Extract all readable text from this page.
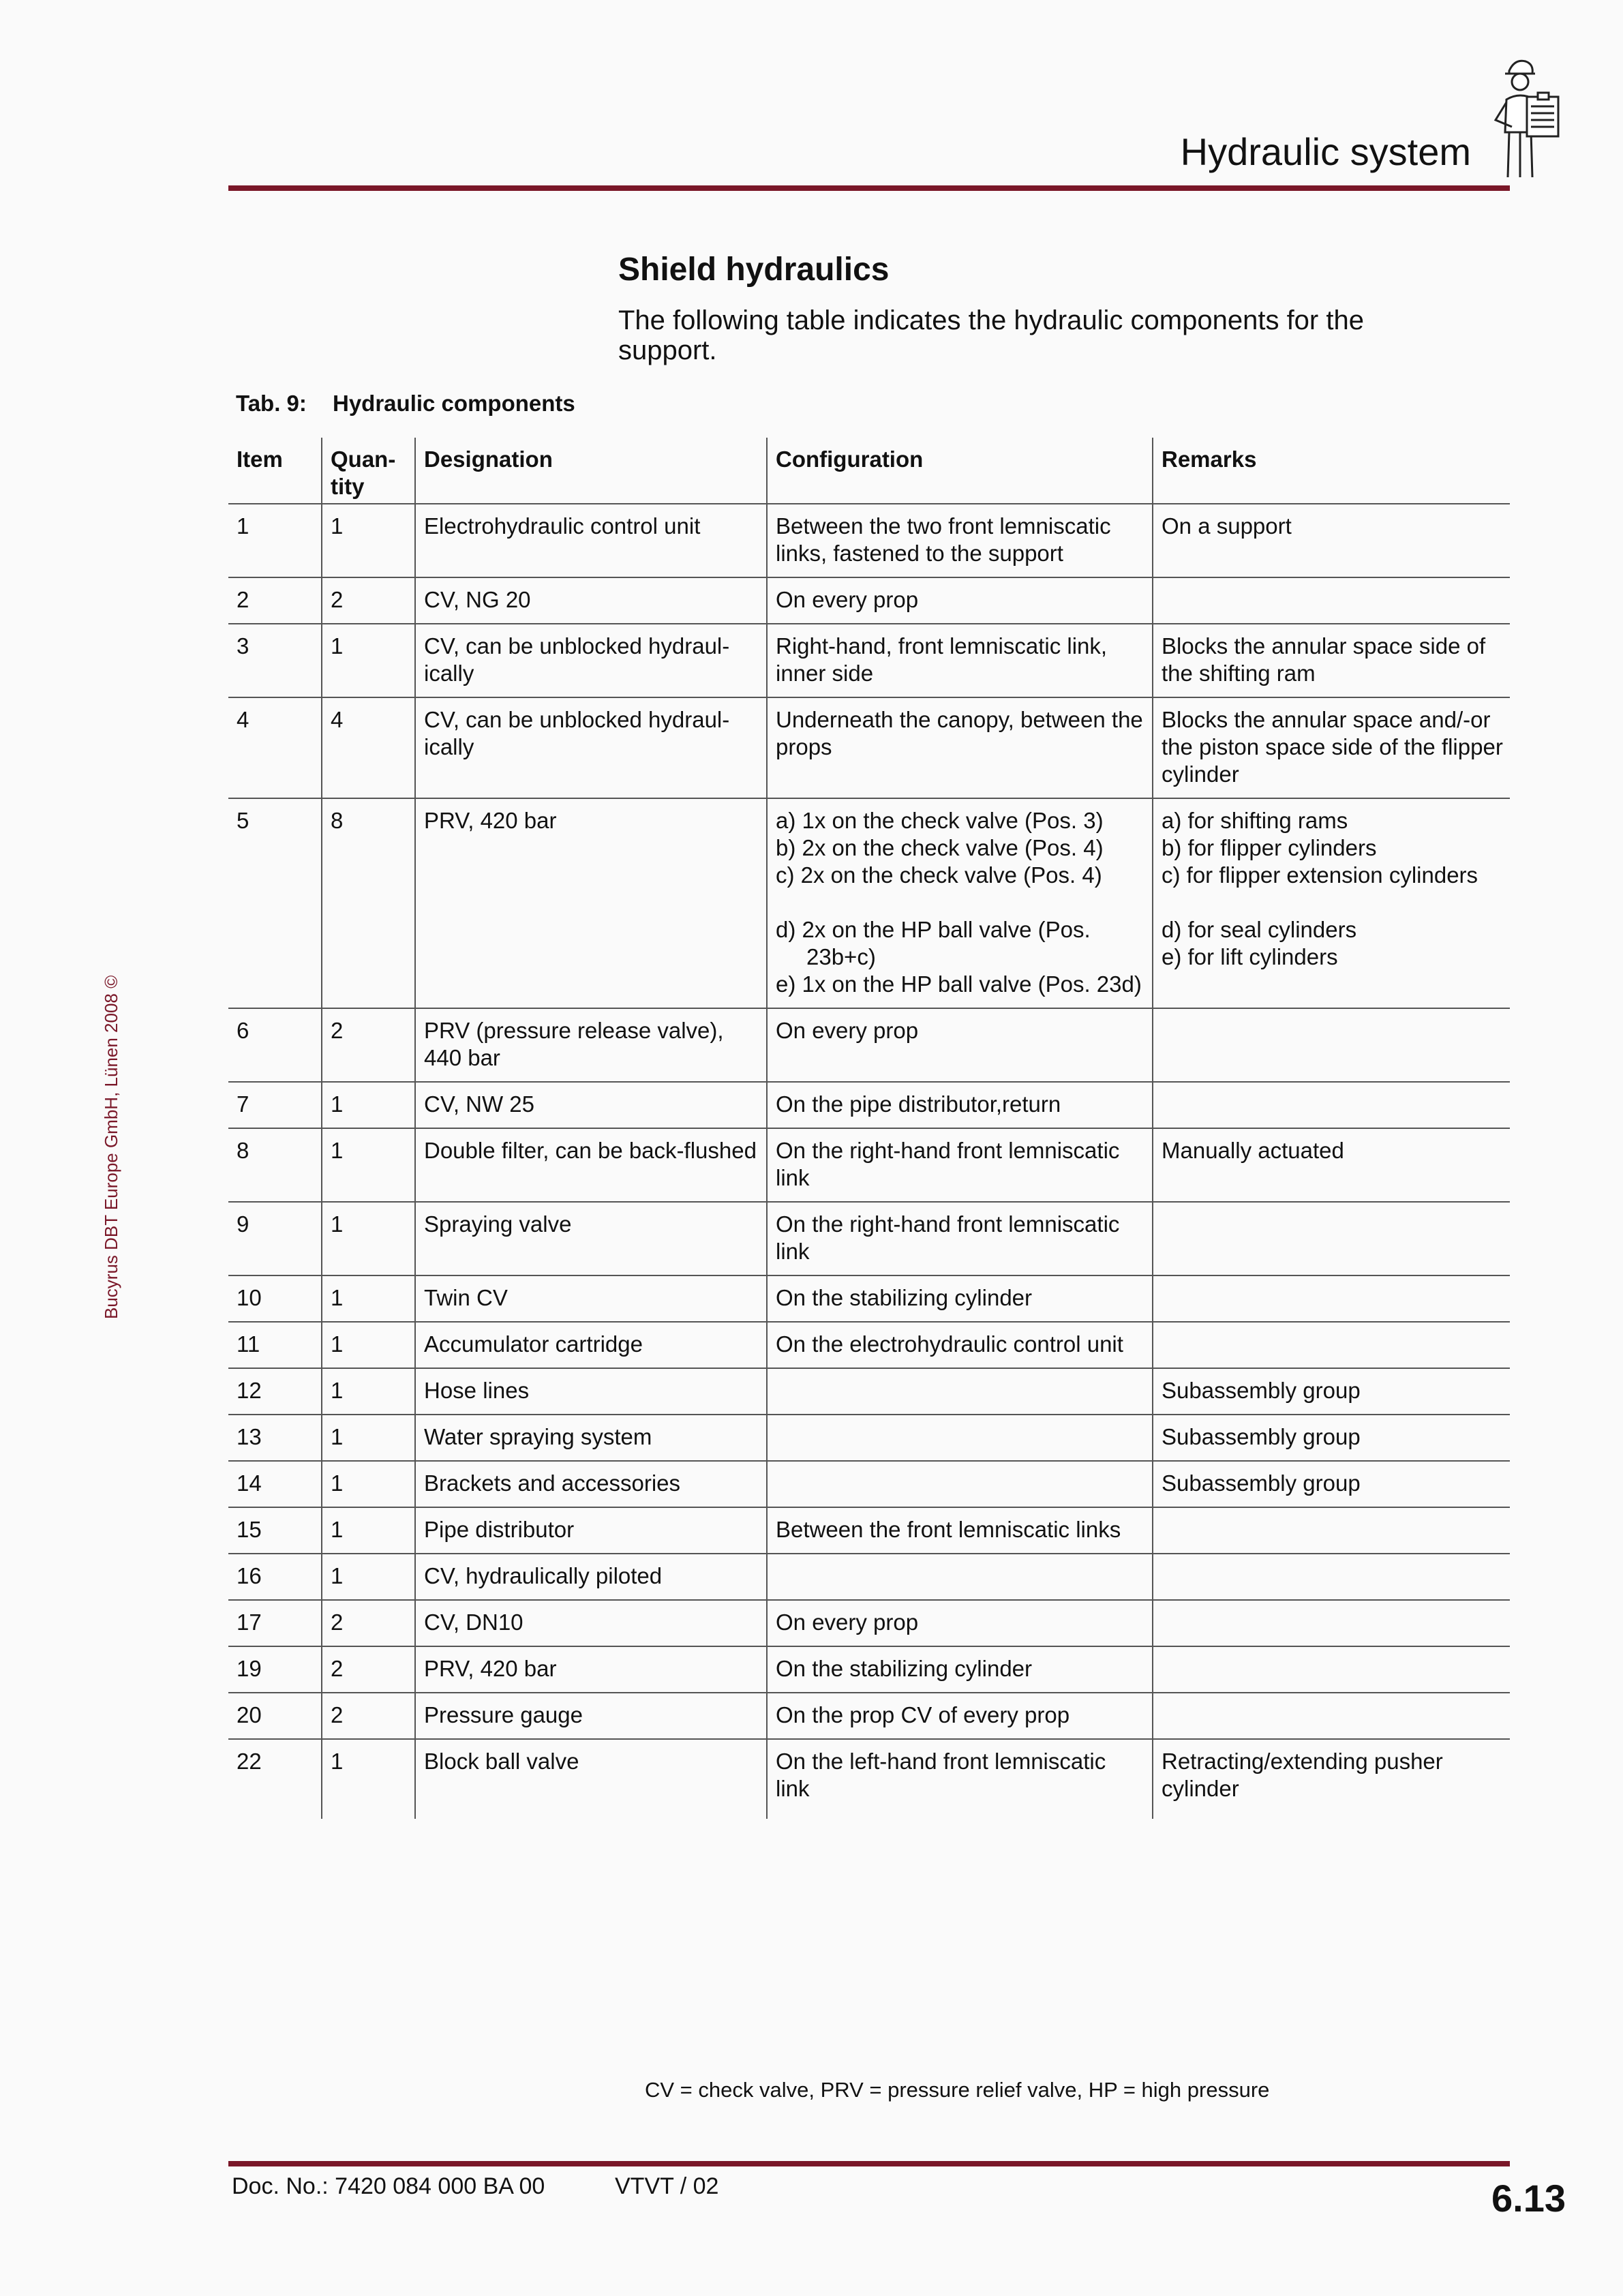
Hydraulic system
Bucyrus DBT Europe GmbH, Lünen 2008 ©
Shield hydraulics
The following table indicates the hydraulic components for the support.
Tab. 9: Hydraulic components
Item	Quan-tity	Designation	Configuration	Remarks
1	1	Electrohydraulic control unit	Between the two front lemniscatic links, fastened to the support	On a support
2	2	CV, NG 20	On every prop	
3	1	CV, can be unblocked hydraul-ically	Right-hand, front lemniscatic link, inner side	Blocks the annular space side of the shifting ram
4	4	CV, can be unblocked hydraul-ically	Underneath the canopy, between the props	Blocks the annular space and/-or the piston space side of the flipper cylinder
5	8	PRV, 420 bar	a) 1x on the check valve (Pos. 3)
b) 2x on the check valve (Pos. 4)
c) 2x on the check valve (Pos. 4)
d) 2x on the HP ball valve (Pos. 23b+c)
e) 1x on the HP ball valve (Pos. 23d)	a) for shifting rams
b) for flipper cylinders
c) for flipper extension cylinders
d) for seal cylinders
e) for lift cylinders

6	2	PRV (pressure release valve), 440 bar	On every prop	
7	1	CV, NW 25	On the pipe distributor,return	
8	1	Double filter, can be back-flushed	On the right-hand front lemniscatic link	Manually actuated
9	1	Spraying valve	On the right-hand front lemniscatic link	
10	1	Twin CV	On the stabilizing cylinder	
11	1	Accumulator cartridge	On the electrohydraulic control unit	
12	1	Hose lines		Subassembly group
13	1	Water spraying system		Subassembly group
14	1	Brackets and accessories		Subassembly group
15	1	Pipe distributor	Between the front lemniscatic links	
16	1	CV, hydraulically piloted		
17	2	CV, DN10	On every prop	
19	2	PRV, 420 bar	On the stabilizing cylinder	
20	2	Pressure gauge	On the prop CV of every prop	
22	1	Block ball valve	On the left-hand front lemniscatic link	Retracting/extending pusher cylinder
CV = check valve, PRV = pressure relief valve, HP = high pressure
Doc. No.: 7420 084 000 BA 00	VTVT / 02	6.13
